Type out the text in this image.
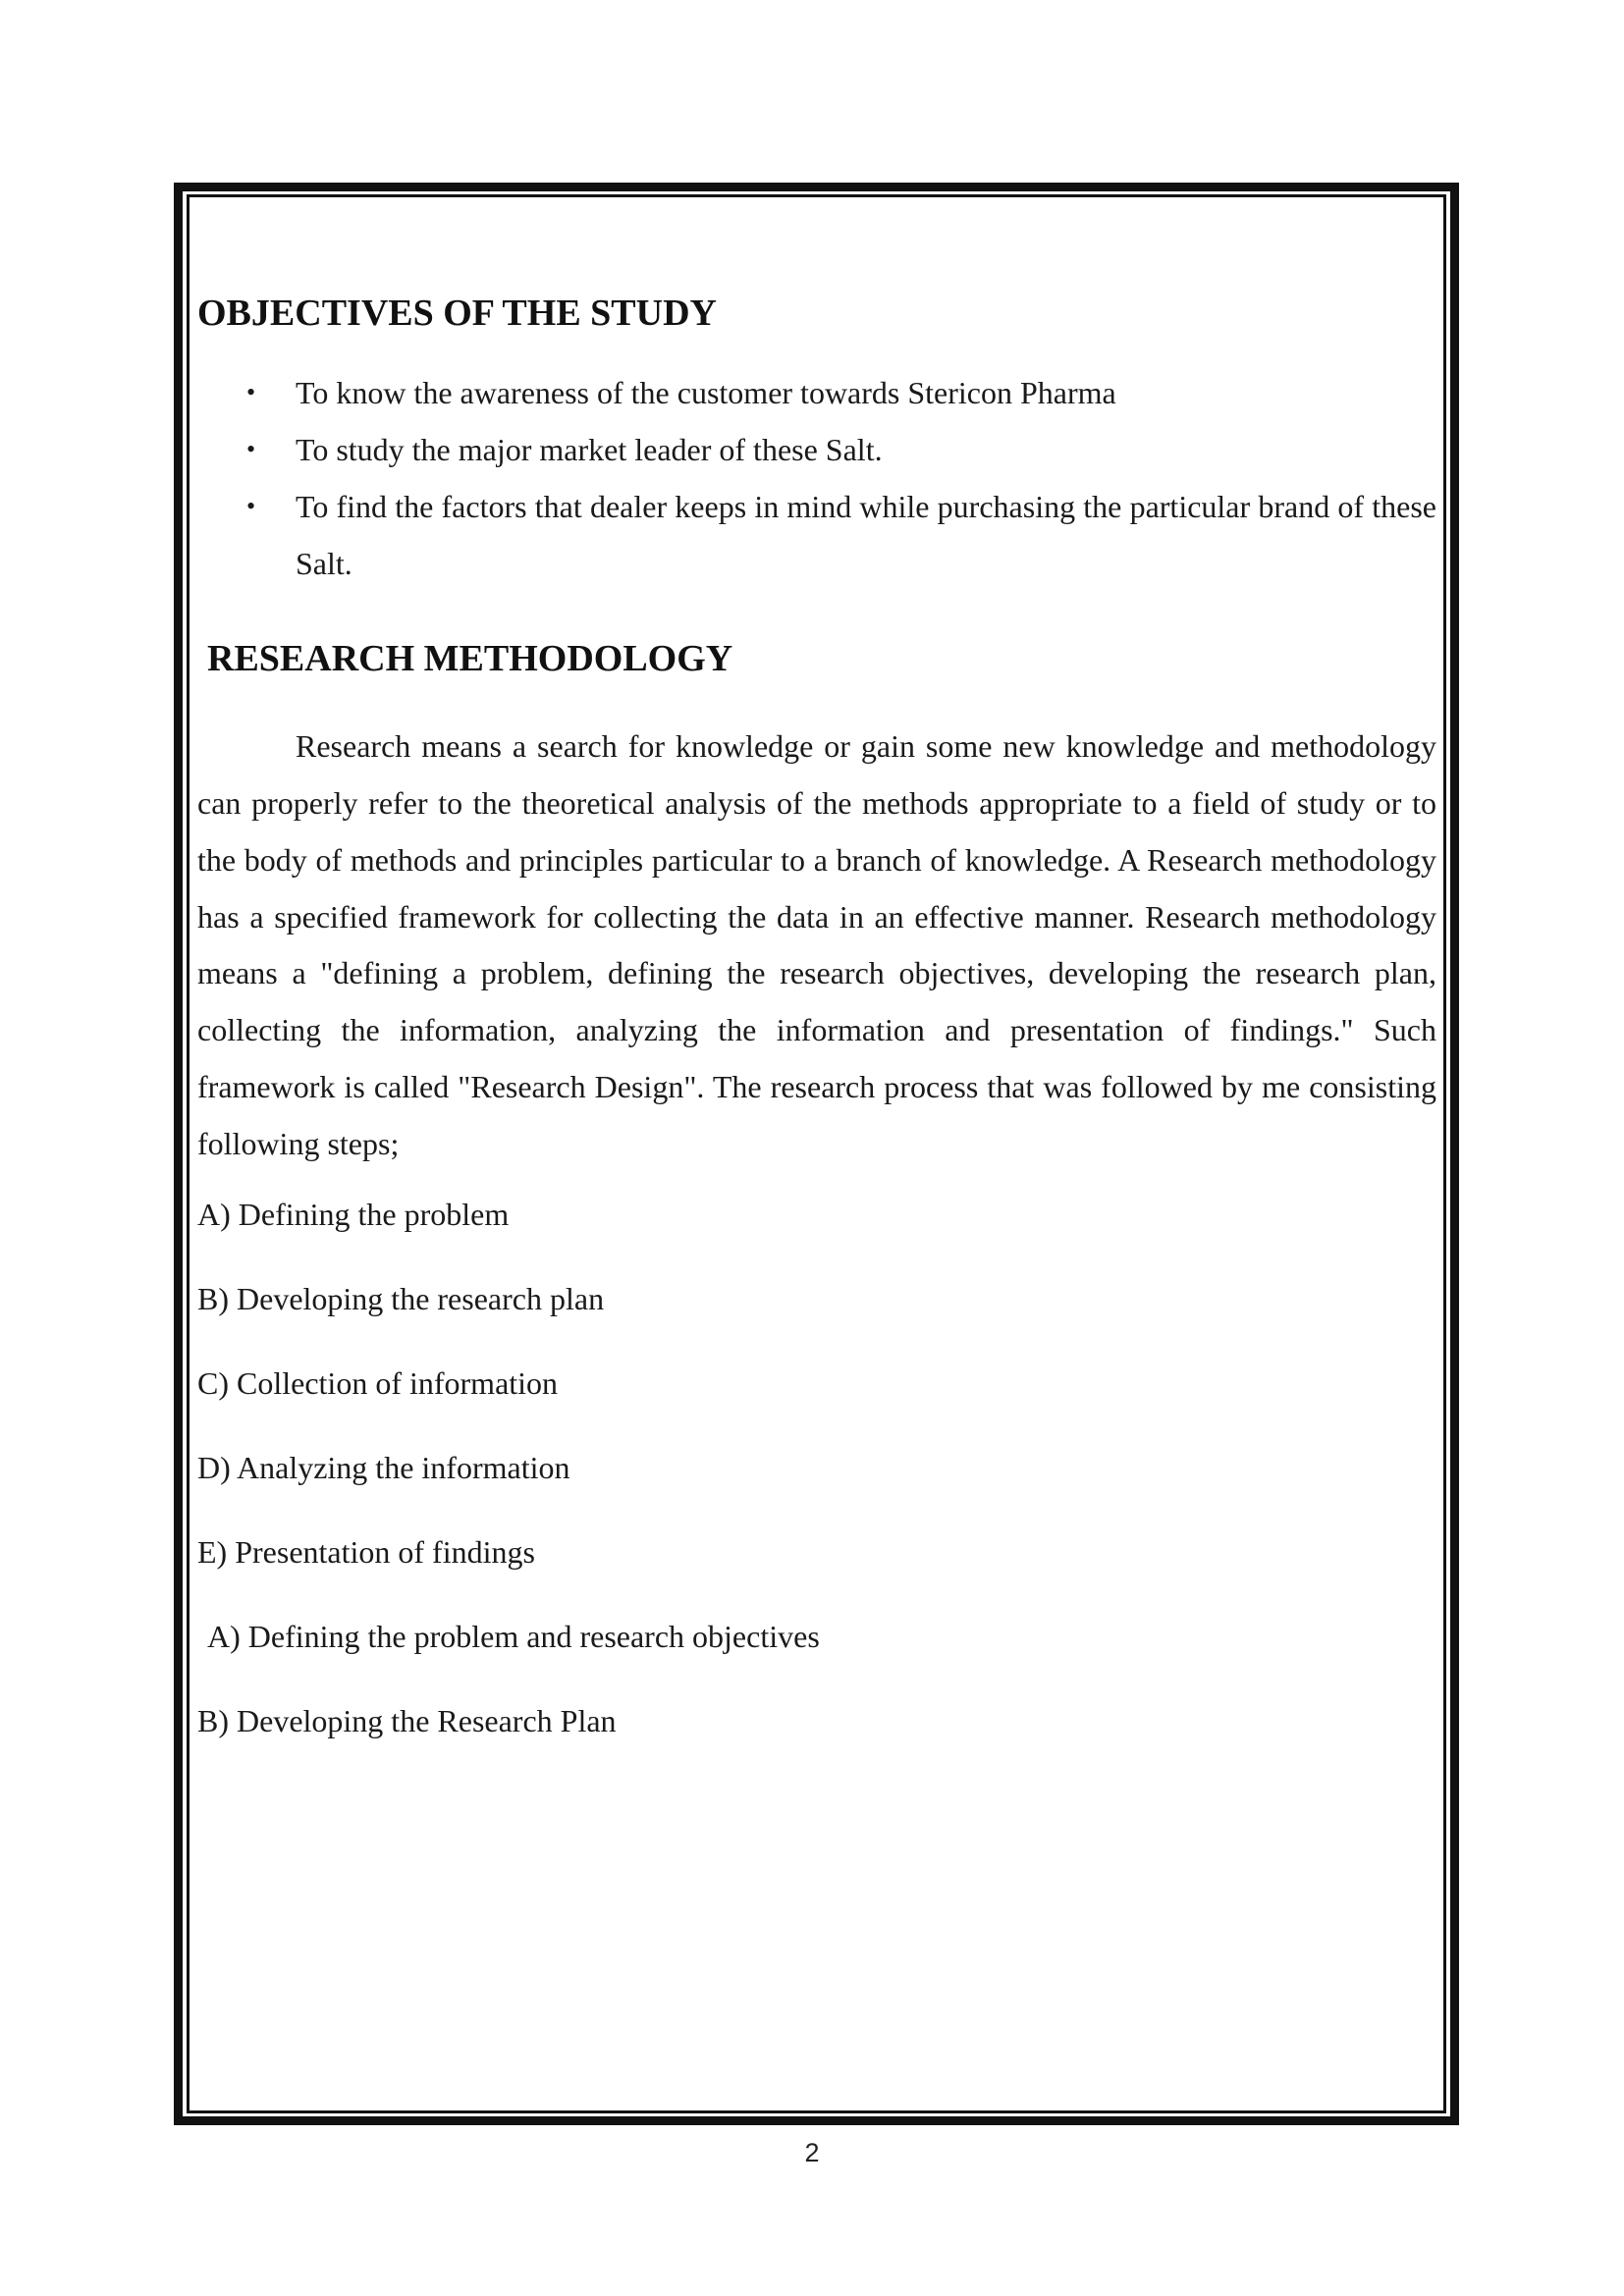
OBJECTIVES OF THE STUDY
• To know the awareness of the customer towards Stericon Pharma
• To study the major market leader of these Salt.
• To find the factors that dealer keeps in mind while purchasing the particular brand of these Salt.
RESEARCH METHODOLOGY

Research means a search for knowledge or gain some new knowledge and methodology can properly refer to the theoretical analysis of the methods appropriate to a field of study or to the body of methods and principles particular to a branch of knowledge. A Research methodology has a specified framework for collecting the data in an effective manner. Research methodology means a "defining a problem, defining the research objectives, developing the research plan, collecting the information, analyzing the information and presentation of findings." Such framework is called "Research Design". The research process that was followed by me consisting following steps;

A) Defining the problem
B) Developing the research plan
C) Collection of information
D) Analyzing the information
E) Presentation of findings
A) Defining the problem and research objectives
B) Developing the Research Plan
2
